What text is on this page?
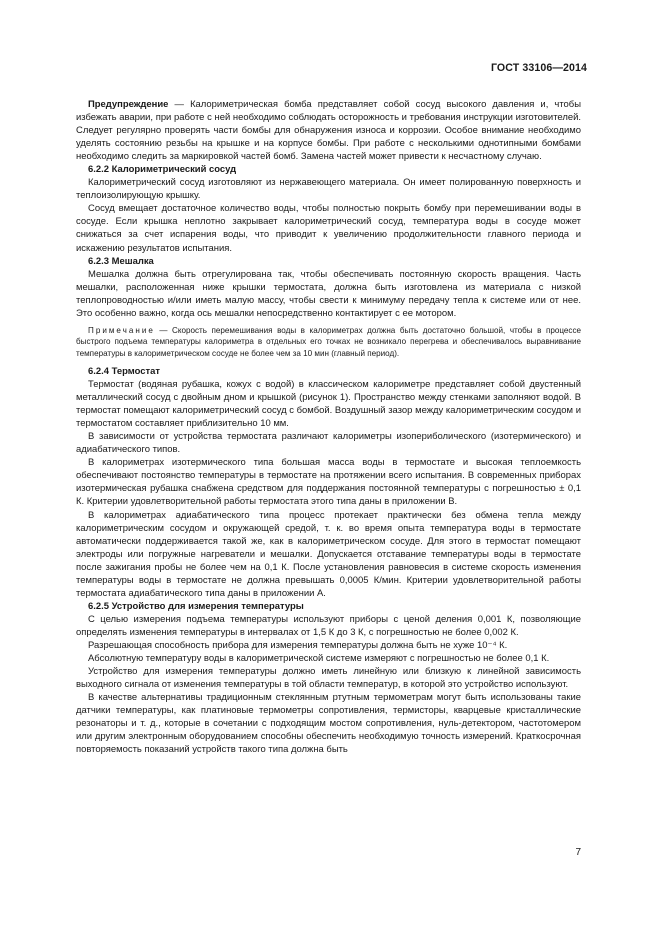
ГОСТ 33106—2014

Предупреждение — Калориметрическая бомба представляет собой сосуд высокого давления и, чтобы избежать аварии, при работе с ней необходимо соблюдать осторожность и требования инструкции изготовителей. Следует регулярно проверять части бомбы для обнаружения износа и коррозии. Особое внимание необходимо уделять состоянию резьбы на крышке и на корпусе бомбы. При работе с несколькими однотипными бомбами необходимо следить за маркировкой частей бомб. Замена частей может привести к несчастному случаю.

6.2.2 Калориметрический сосуд

Калориметрический сосуд изготовляют из нержавеющего материала. Он имеет полированную поверхность и теплоизолирующую крышку.

Сосуд вмещает достаточное количество воды, чтобы полностью покрыть бомбу при перемешивании воды в сосуде. Если крышка неплотно закрывает калориметрический сосуд, температура воды в сосуде может снижаться за счет испарения воды, что приводит к увеличению продолжительности главного периода и искажению результатов испытания.

6.2.3 Мешалка

Мешалка должна быть отрегулирована так, чтобы обеспечивать постоянную скорость вращения. Часть мешалки, расположенная ниже крышки термостата, должна быть изготовлена из материала с низкой теплопроводностью и/или иметь малую массу, чтобы свести к минимуму передачу тепла к системе или от нее. Это особенно важно, когда ось мешалки непосредственно контактирует с ее мотором.

Примечание — Скорость перемешивания воды в калориметрах должна быть достаточно большой, чтобы в процессе быстрого подъема температуры калориметра в отдельных его точках не возникало перегрева и обеспечивалось выравнивание температуры в калориметрическом сосуде не более чем за 10 мин (главный период).

6.2.4 Термостат

Термостат (водяная рубашка, кожух с водой) в классическом калориметре представляет собой двустенный металлический сосуд с двойным дном и крышкой (рисунок 1). Пространство между стенками заполняют водой. В термостат помещают калориметрический сосуд с бомбой. Воздушный зазор между калориметрическим сосудом и термостатом составляет приблизительно 10 мм.

В зависимости от устройства термостата различают калориметры изопериболического (изотермического) и адиабатического типов.

В калориметрах изотермического типа большая масса воды в термостате и высокая теплоемкость обеспечивают постоянство температуры в термостате на протяжении всего испытания. В современных приборах изотермическая рубашка снабжена средством для поддержания постоянной температуры с погрешностью ± 0,1 К. Критерии удовлетворительной работы термостата этого типа даны в приложении В.

В калориметрах адиабатического типа процесс протекает практически без обмена тепла между калориметрическим сосудом и окружающей средой, т. к. во время опыта температура воды в термостате автоматически поддерживается такой же, как в калориметрическом сосуде. Для этого в термостат помещают электроды или погружные нагреватели и мешалки. Допускается отставание температуры воды в термостате после зажигания пробы не более чем на 0,1 К. После установления равновесия в системе скорость изменения температуры воды в термостате не должна превышать 0,0005 К/мин. Критерии удовлетворительной работы термостата адиабатического типа даны в приложении А.

6.2.5 Устройство для измерения температуры

С целью измерения подъема температуры используют приборы с ценой деления 0,001 К, позволяющие определять изменения температуры в интервалах от 1,5 К до 3 К, с погрешностью не более 0,002 К.

Разрешающая способность прибора для измерения температуры должна быть не хуже 10⁻⁴ К.

Абсолютную температуру воды в калориметрической системе измеряют с погрешностью не более 0,1 К.

Устройство для измерения температуры должно иметь линейную или близкую к линейной зависимость выходного сигнала от изменения температуры в той области температур, в которой это устройство используют.

В качестве альтернативы традиционным стеклянным ртутным термометрам могут быть использованы такие датчики температуры, как платиновые термометры сопротивления, термисторы, кварцевые кристаллические резонаторы и т. д., которые в сочетании с подходящим мостом сопротивления, нуль-детектором, частотомером или другим электронным оборудованием способны обеспечить необходимую точность измерений. Краткосрочная повторяемость показаний устройств такого типа должна быть

7
